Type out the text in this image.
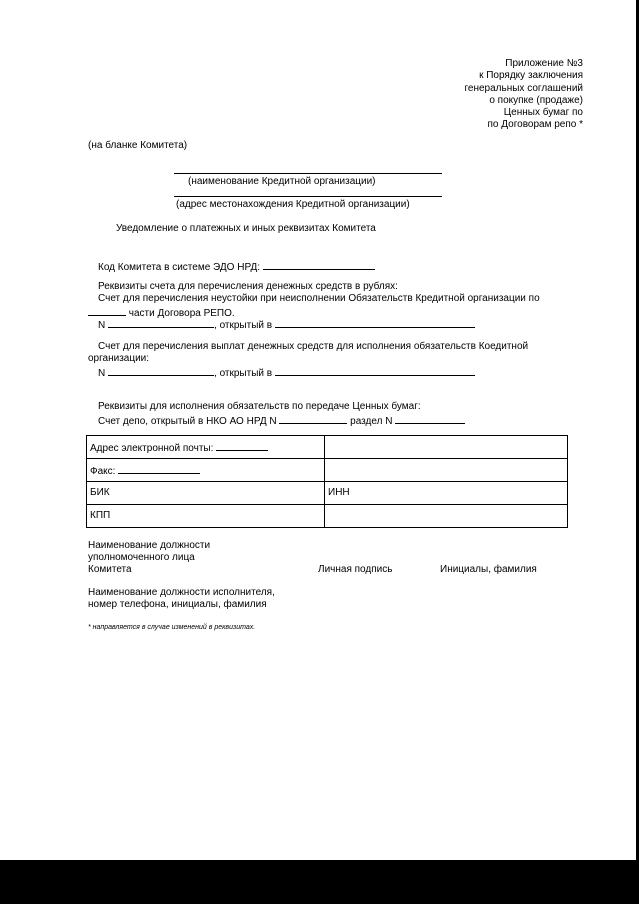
Приложение №3
к Порядку заключения
генеральных соглашений
о покупке (продаже)
Ценных бумаг по
по Договорам репо *
(на бланке Комитета)
(наименование Кредитной организации)
(адрес местонахождения Кредитной организации)
Уведомление о платежных и иных реквизитах Комитета
Код Комитета в системе ЭДО НРД:
Реквизиты счета для перечисления денежных средств в рублях:
Счет для перечисления неустойки при неисполнении Обязательств Кредитной организации по
части Договора РЕПО.
N	, открытый в
Счет для перечисления выплат денежных средств для исполнения обязательств Коедитной
организации:
N	, открытый в
Реквизиты для исполнения обязательств по передаче Ценных бумаг:
Счет депо, открытый в НКО АО НРД N	раздел N
Адрес электронной почты:	
Факс:	
БИК	ИНН
КПП	
Наименование должности
уполномоченного лица
Комитета	Личная подпись	Инициалы, фамилия
Наименование должности исполнителя,
номер телефона, инициалы, фамилия
* направляется в случае изменений в реквизитах.
